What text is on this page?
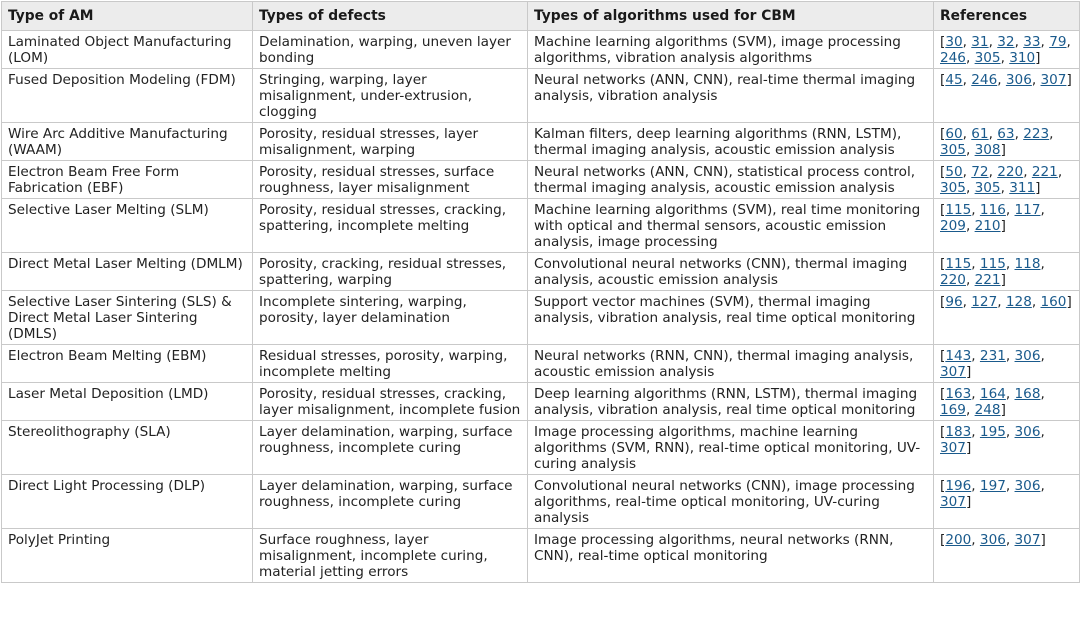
Type of AM	Types of defects	Types of algorithms used for CBM	References
Laminated Object Manufacturing (LOM)	Delamination, warping, uneven layer bonding	Machine learning algorithms (SVM), image processing algorithms, vibration analysis algorithms	[30, 31, 32, 33, 79, 246, 305, 310]
Fused Deposition Modeling (FDM)	Stringing, warping, layer misalignment, under-extrusion, clogging	Neural networks (ANN, CNN), real-time thermal imaging analysis, vibration analysis	[45, 246, 306, 307]
Wire Arc Additive Manufacturing (WAAM)	Porosity, residual stresses, layer misalignment, warping	Kalman filters, deep learning algorithms (RNN, LSTM), thermal imaging analysis, acoustic emission analysis	[60, 61, 63, 223, 305, 308]
Electron Beam Free Form Fabrication (EBF)	Porosity, residual stresses, surface roughness, layer misalignment	Neural networks (ANN, CNN), statistical process control, thermal imaging analysis, acoustic emission analysis	[50, 72, 220, 221, 305, 305, 311]
Selective Laser Melting (SLM)	Porosity, residual stresses, cracking, spattering, incomplete melting	Machine learning algorithms (SVM), real time monitoring with optical and thermal sensors, acoustic emission analysis, image processing	[115, 116, 117, 209, 210]
Direct Metal Laser Melting (DMLM)	Porosity, cracking, residual stresses, spattering, warping	Convolutional neural networks (CNN), thermal imaging analysis, acoustic emission analysis	[115, 115, 118, 220, 221]
Selective Laser Sintering (SLS) & Direct Metal Laser Sintering (DMLS)	Incomplete sintering, warping, porosity, layer delamination	Support vector machines (SVM), thermal imaging analysis, vibration analysis, real time optical monitoring	[96, 127, 128, 160]
Electron Beam Melting (EBM)	Residual stresses, porosity, warping, incomplete melting	Neural networks (RNN, CNN), thermal imaging analysis, acoustic emission analysis	[143, 231, 306, 307]
Laser Metal Deposition (LMD)	Porosity, residual stresses, cracking, layer misalignment, incomplete fusion	Deep learning algorithms (RNN, LSTM), thermal imaging analysis, vibration analysis, real time optical monitoring	[163, 164, 168, 169, 248]
Stereolithography (SLA)	Layer delamination, warping, surface roughness, incomplete curing	Image processing algorithms, machine learning algorithms (SVM, RNN), real-time optical monitoring, UV-curing analysis	[183, 195, 306, 307]
Direct Light Processing (DLP)	Layer delamination, warping, surface roughness, incomplete curing	Convolutional neural networks (CNN), image processing algorithms, real-time optical monitoring, UV-curing analysis	[196, 197, 306, 307]
PolyJet Printing	Surface roughness, layer misalignment, incomplete curing, material jetting errors	Image processing algorithms, neural networks (RNN, CNN), real-time optical monitoring	[200, 306, 307]
